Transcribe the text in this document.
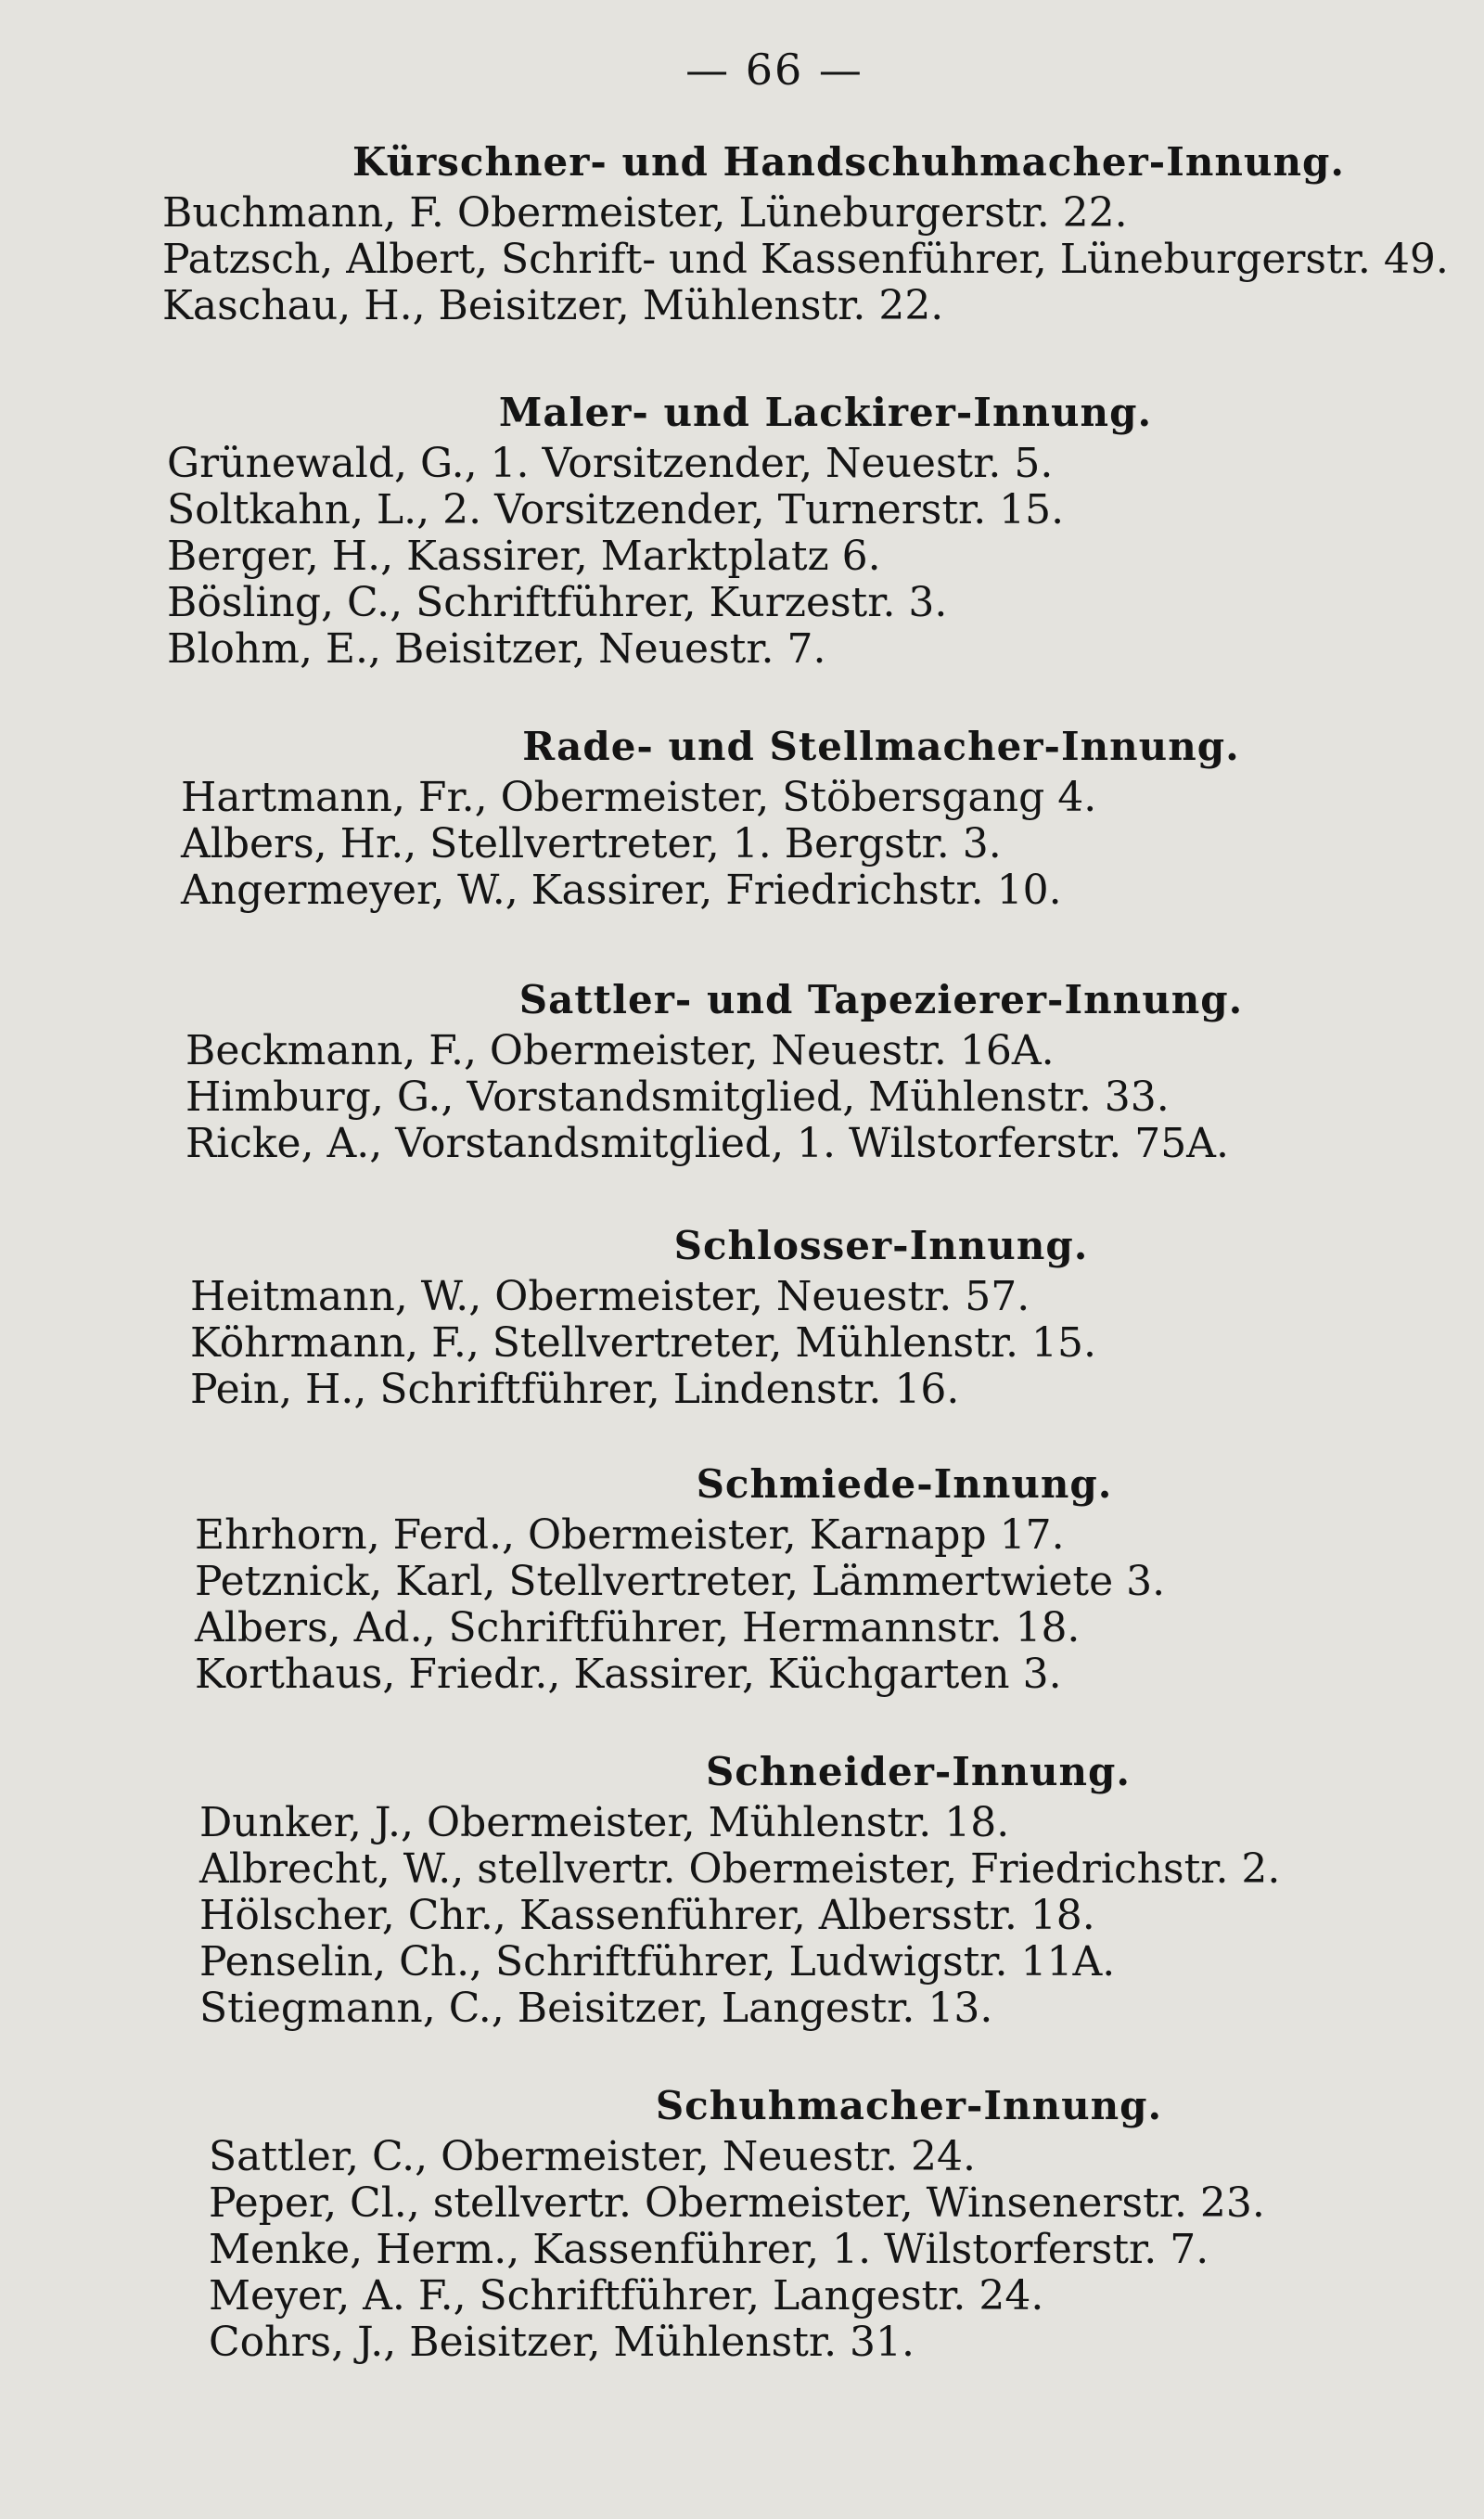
— 66 —
Kürschner- und Handschuhmacher-Innung.
Buchmann, F. Obermeister, Lüneburgerstr. 22.
Patzsch, Albert, Schrift- und Kassenführer, Lüneburgerstr. 49.
Kaschau, H., Beisitzer, Mühlenstr. 22.
Maler- und Lackirer-Innung.
Grünewald, G., 1. Vorsitzender, Neuestr. 5.
Soltkahn, L., 2. Vorsitzender, Turnerstr. 15.
Berger, H., Kassirer, Marktplatz 6.
Bösling, C., Schriftführer, Kurzestr. 3.
Blohm, E., Beisitzer, Neuestr. 7.
Rade- und Stellmacher-Innung.
Hartmann, Fr., Obermeister, Stöbersgang 4.
Albers, Hr., Stellvertreter, 1. Bergstr. 3.
Angermeyer, W., Kassirer, Friedrichstr. 10.
Sattler- und Tapezierer-Innung.
Beckmann, F., Obermeister, Neuestr. 16A.
Himburg, G., Vorstandsmitglied, Mühlenstr. 33.
Ricke, A., Vorstandsmitglied, 1. Wilstorferstr. 75A.
Schlosser-Innung.
Heitmann, W., Obermeister, Neuestr. 57.
Köhrmann, F., Stellvertreter, Mühlenstr. 15.
Pein, H., Schriftführer, Lindenstr. 16.
Schmiede-Innung.
Ehrhorn, Ferd., Obermeister, Karnapp 17.
Petznick, Karl, Stellvertreter, Lämmertwiete 3.
Albers, Ad., Schriftführer, Hermannstr. 18.
Korthaus, Friedr., Kassirer, Küchgarten 3.
Schneider-Innung.
Dunker, J., Obermeister, Mühlenstr. 18.
Albrecht, W., stellvertr. Obermeister, Friedrichstr. 2.
Hölscher, Chr., Kassenführer, Albersstr. 18.
Penselin, Ch., Schriftführer, Ludwigstr. 11A.
Stiegmann, C., Beisitzer, Langestr. 13.
Schuhmacher-Innung.
Sattler, C., Obermeister, Neuestr. 24.
Peper, Cl., stellvertr. Obermeister, Winsenerstr. 23.
Menke, Herm., Kassenführer, 1. Wilstorferstr. 7.
Meyer, A. F., Schriftführer, Langestr. 24.
Cohrs, J., Beisitzer, Mühlenstr. 31.
